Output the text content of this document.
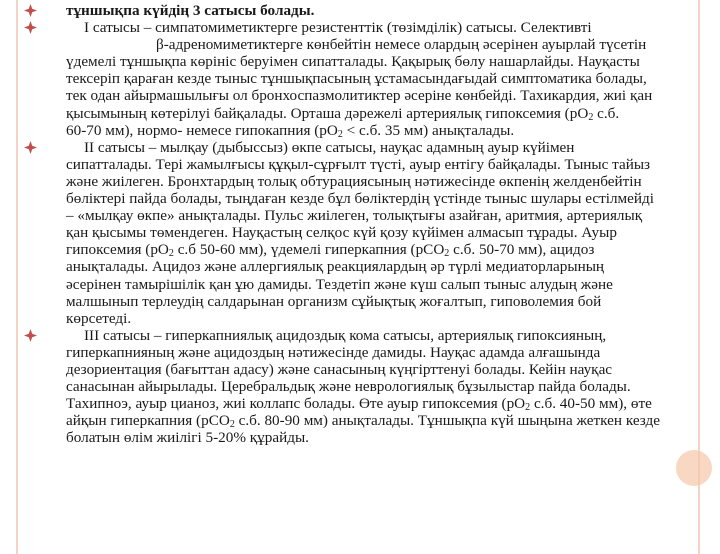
тұншықпа күйдің 3 сатысы болады.

I сатысы – симпатомиметиктерге резистенттік (төзімділік) сатысы. Селективтіβ-адреномиметиктерге көнбейтін немесе олардың әсерінен ауырлай түсетін үдемелі тұншықпа көрініс беруімен сипатталады. Қақырық бөлу нашарлайды. Науқасты тексеріп қараған кезде тыныс тұншықпасының ұстамасындағыдай симптоматика болады, тек одан айырмашылығы ол бронхоспазмолитиктер әсеріне көнбейді. Тахикардия, жиі қан қысымының көтерілуі байқалады. Орташа дәрежелі артериялық гипоксемия ($рО_2$ с.б.60-70 мм), нормо- немесе гипокапния ($рО_2 < с.б$. 35 мм) анықталады.

II сатысы – мылқау (дыбыссыз) өкпе сатысы, науқас адамның ауыр күйімен сипатталады. Тері жамылғысы құқыл-сұрғылт түсті, ауыр ентігу байқалады. Тыныс тайыз және жиілеген. Бронхтардың толық обтурациясының нәтижесінде өкпенің желденбейтін бөліктері пайда болады, тыңдаған кезде бұл бөліктердің үстінде тыныс шулары естілмейді – «мылқау өкпе» анықталады. Пульс жиілеген, толықтығы азайған, аритмия, артериялық қан қысымы төмендеген. Науқастың селқос күй қозу күйімен алмасып тұрады. Ауыр гипоксемия ($рО_2$ с.б 50-60 мм), үдемелі гиперкапния (рСО$_2$ с.б. 50-70 мм), ацидоз анықталады. Ацидоз және аллергиялық реакциялардың әр түрлі медиаторларының әсерінен тамырішілік қан ұю дамиды. Тездетіп және күш салып тыныс алудың және малшынып терлеудің салдарынан организм сұйықтық жоғалтып, гиповолемия бой көрсетеді.

III сатысы – гиперкапниялық ацидоздық кома сатысы, артериялық гипоксияның, гиперкапнияның және ацидоздың нәтижесінде дамиды. Науқас адамда алғашында дезориентация (бағыттан адасу) және санасының күңгірттенуі болады. Кейін науқас санасынан айырылады. Церебральдық және неврологиялық бұзылыстар пайда болады. Тахипноэ, ауыр цианоз, жиі коллапс болады. Өте ауыр гипоксемия ($рО_2$ с.б. 40-50 мм), өте айқын гиперкапния (рСО$_2$ с.б. 80-90 мм) анықталады. Тұншықпа күй шыңына жеткен кезде болатын өлім жиілігі 5-20% құрайды.
